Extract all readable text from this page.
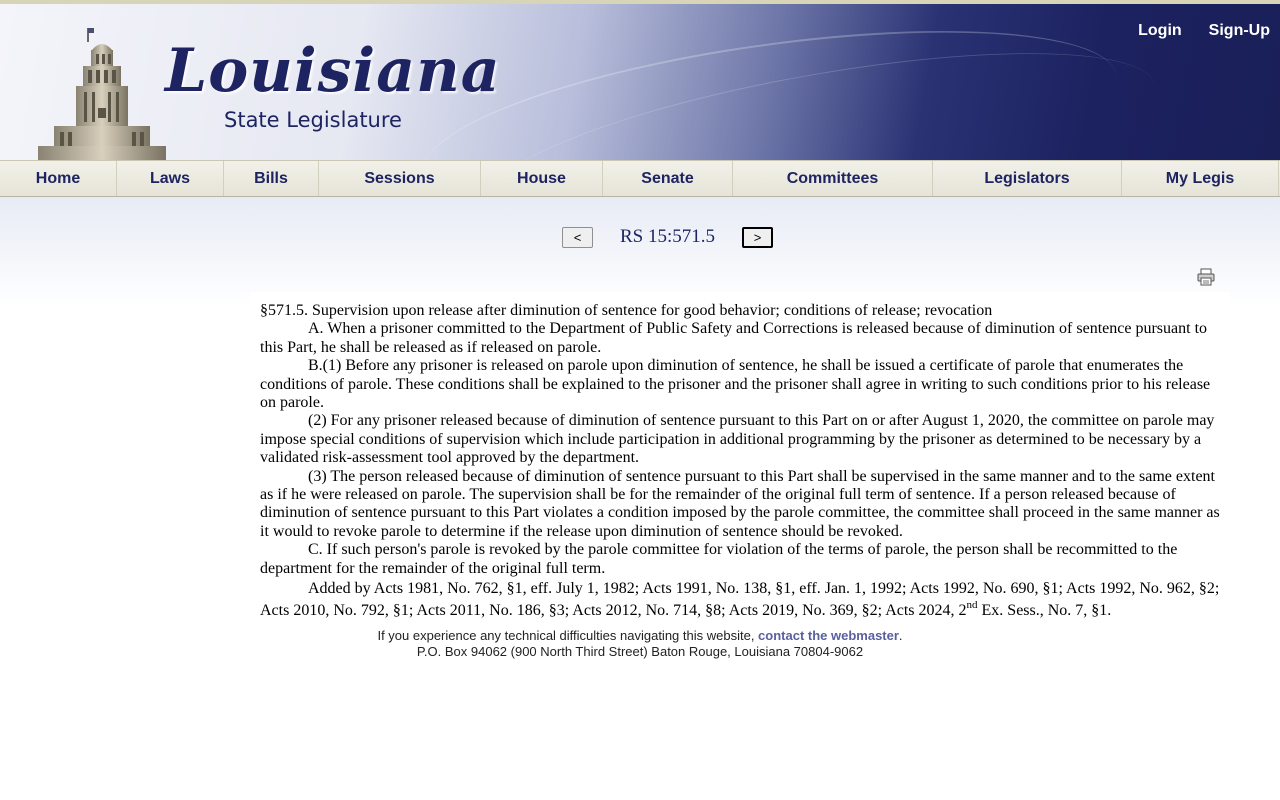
Louisiana
State Legislature
Login Sign-Up
Home	Laws	Bills	Sessions	House	Senate	Committees	Legislators	My Legis
<	RS 15:571.5	>

§571.5. Supervision upon release after diminution of sentence for good behavior; conditions of release; revocation

A. When a prisoner committed to the Department of Public Safety and Corrections is released because of diminution of sentence pursuant to this Part, he shall be released as if released on parole.

B.(1) Before any prisoner is released on parole upon diminution of sentence, he shall be issued a certificate of parole that enumerates the conditions of parole. These conditions shall be explained to the prisoner and the prisoner shall agree in writing to such conditions prior to his release on parole.

(2) For any prisoner released because of diminution of sentence pursuant to this Part on or after August 1, 2020, the committee on parole may impose special conditions of supervision which include participation in additional programming by the prisoner as determined to be necessary by a validated risk-assessment tool approved by the department.

(3) The person released because of diminution of sentence pursuant to this Part shall be supervised in the same manner and to the same extent as if he were released on parole. The supervision shall be for the remainder of the original full term of sentence. If a person released because of diminution of sentence pursuant to this Part violates a condition imposed by the parole committee, the committee shall proceed in the same manner as it would to revoke parole to determine if the release upon diminution of sentence should be revoked.

C. If such person's parole is revoked by the parole committee for violation of the terms of parole, the person shall be recommitted to the department for the remainder of the original full term.

Added by Acts 1981, No. 762, §1, eff. July 1, 1982; Acts 1991, No. 138, §1, eff. Jan. 1, 1992; Acts 1992, No. 690, §1; Acts 1992, No. 962, §2; Acts 2010, No. 792, §1; Acts 2011, No. 186, §3; Acts 2012, No. 714, §8; Acts 2019, No. 369, §2; Acts 2024, 2nd Ex. Sess., No. 7, §1.

If you experience any technical difficulties navigating this website, contact the webmaster.
P.O. Box 94062 (900 North Third Street) Baton Rouge, Louisiana 70804-9062
